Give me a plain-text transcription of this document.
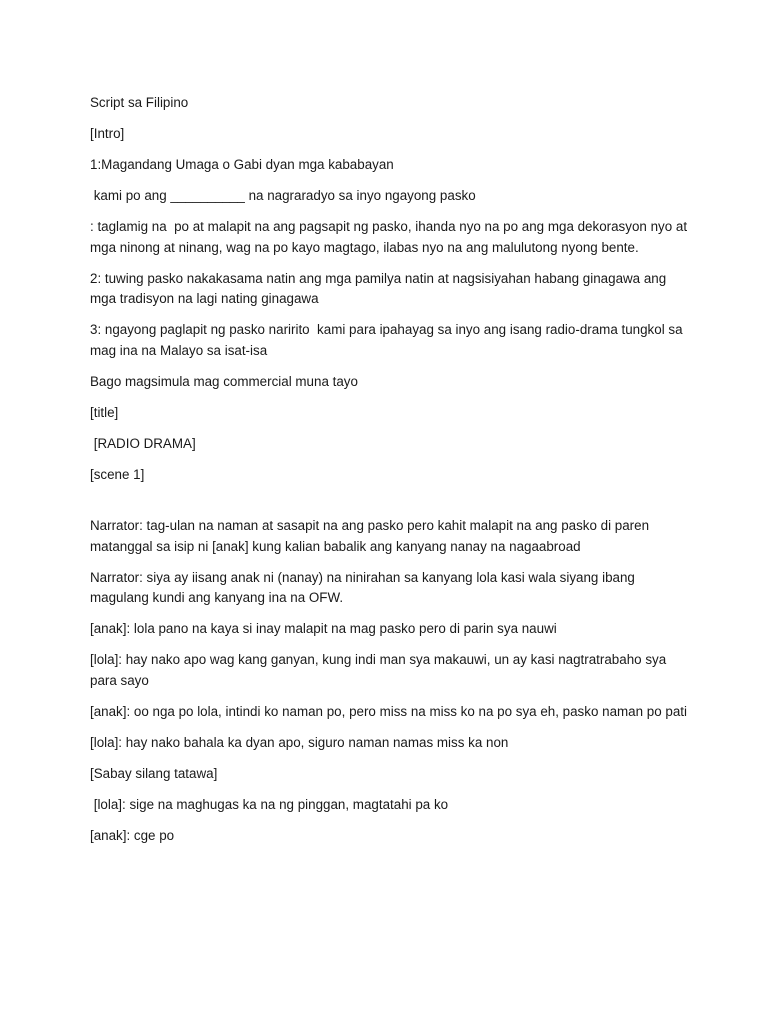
Script sa Filipino

[Intro]

1:Magandang Umaga o Gabi dyan mga kababayan

kami po ang __________ na nagraradyo sa inyo ngayong pasko

: taglamig na  po at malapit na ang pagsapit ng pasko, ihanda nyo na po ang mga dekorasyon nyo at mga ninong at ninang, wag na po kayo magtago, ilabas nyo na ang malulutong nyong bente.

2: tuwing pasko nakakasama natin ang mga pamilya natin at nagsisiyahan habang ginagawa ang mga tradisyon na lagi nating ginagawa

3: ngayong paglapit ng pasko naririto  kami para ipahayag sa inyo ang isang radio-drama tungkol sa mag ina na Malayo sa isat-isa

Bago magsimula mag commercial muna tayo

[title]

[RADIO DRAMA]

[scene 1]

Narrator: tag-ulan na naman at sasapit na ang pasko pero kahit malapit na ang pasko di paren matanggal sa isip ni [anak] kung kalian babalik ang kanyang nanay na nagaabroad

Narrator: siya ay iisang anak ni (nanay) na ninirahan sa kanyang lola kasi wala siyang ibang magulang kundi ang kanyang ina na OFW.

[anak]: lola pano na kaya si inay malapit na mag pasko pero di parin sya nauwi

[lola]: hay nako apo wag kang ganyan, kung indi man sya makauwi, un ay kasi nagtratrabaho sya para sayo

[anak]: oo nga po lola, intindi ko naman po, pero miss na miss ko na po sya eh, pasko naman po pati

[lola]: hay nako bahala ka dyan apo, siguro naman namas miss ka non

[Sabay silang tatawa]

[lola]: sige na maghugas ka na ng pinggan, magtatahi pa ko

[anak]: cge po
